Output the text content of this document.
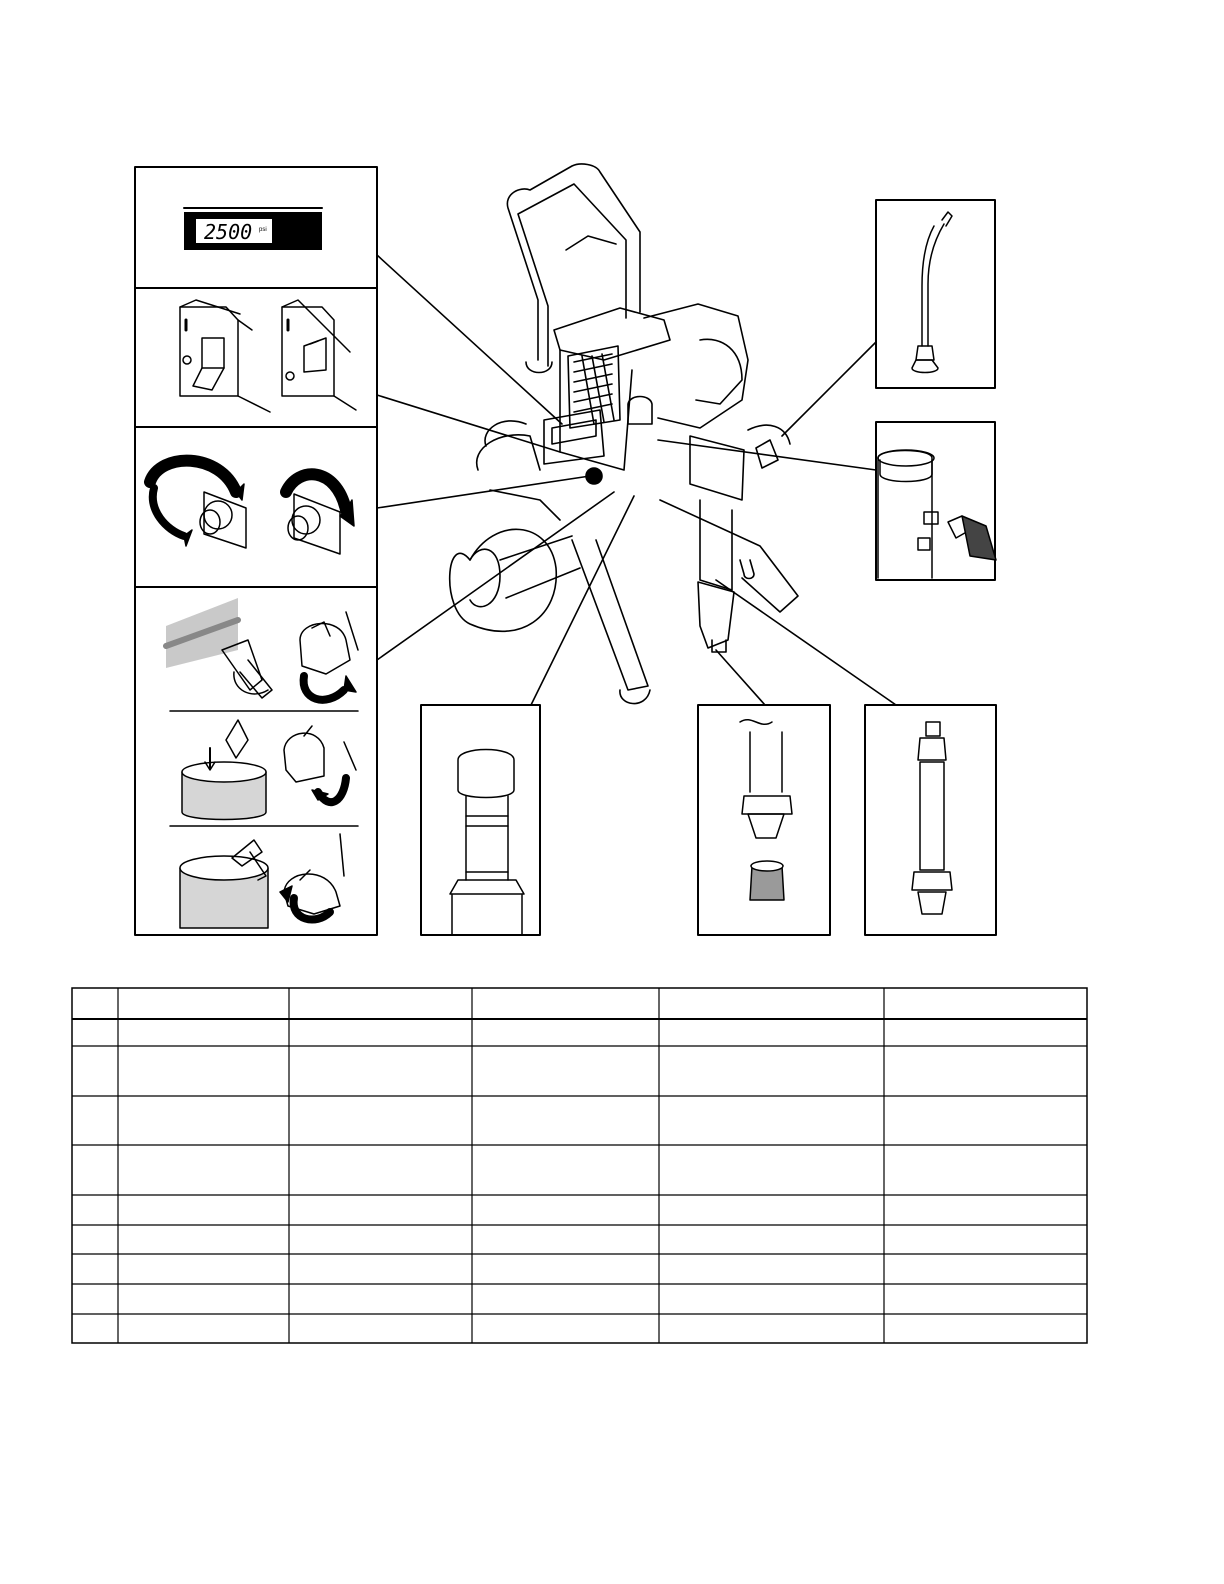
2500 psi
